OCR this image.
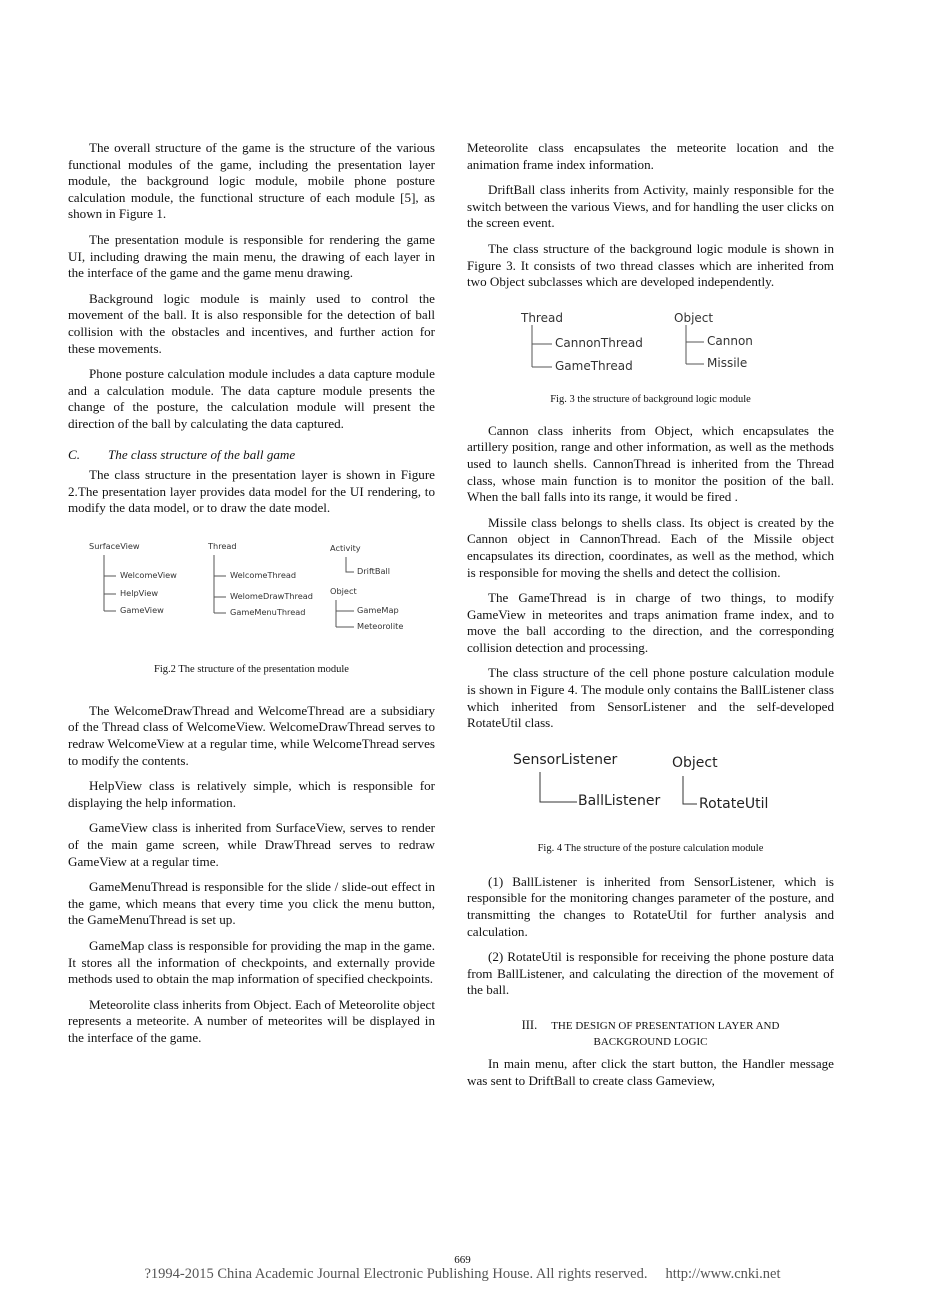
The overall structure of the game is the structure of the various functional modules of the game, including the presentation layer module, the background logic module, mobile phone posture calculation module, the functional structure of each module [5], as shown in Figure 1.

The presentation module is responsible for rendering the game UI, including drawing the main menu, the drawing of each layer in the interface of the game and the game menu drawing.

Background logic module is mainly used to control the movement of the ball. It is also responsible for the detection of ball collision with the obstacles and incentives, and further action for these movements.

Phone posture calculation module includes a data capture module and a calculation module. The data capture module presents the change of the posture, the calculation module will present the direction of the ball by calculating the data captured.

C.	The class structure of the ball game

The class structure in the presentation layer is shown in Figure 2.The presentation layer provides data model for the UI rendering, to modify the data model, or to draw the date model.

SurfaceView
WelcomeView
HelpView
GameView
Thread
WelcomeThread
WelomeDrawThread
GameMenuThread
Activity
DriftBall
Object
GameMap
Meteorolite
Fig.2 The structure of the presentation module

The WelcomeDrawThread and WelcomeThread are a subsidiary of the Thread class of WelcomeView. WelcomeDrawThread serves to redraw WelcomeView at a regular time, while WelcomeThread serves to modify the contents.

HelpView class is relatively simple, which is responsible for displaying the help information.

GameView class is inherited from SurfaceView, serves to render of the main game screen, while DrawThread serves to redraw GameView at a regular time.

GameMenuThread is responsible for the slide / slide-out effect in the game, which means that every time you click the menu button, the GameMenuThread is set up.

GameMap class is responsible for providing the map in the game. It stores all the information of checkpoints, and externally provide methods used to obtain the map information of specified checkpoints.

Meteorolite class inherits from Object. Each of Meteorolite object represents a meteorite. A number of meteorites will be displayed in the interface of the game.

Meteorolite class encapsulates the meteorite location and the animation frame index information.

DriftBall class inherits from Activity, mainly responsible for the switch between the various Views, and for handling the user clicks on the screen event.

The class structure of the background logic module is shown in Figure 3. It consists of two thread classes which are inherited from two Object subclasses which are developed independently.

Thread
CannonThread
GameThread
Object
Cannon
Missile
Fig. 3 the structure of background logic module

Cannon class inherits from Object, which encapsulates the artillery position, range and other information, as well as the methods used to launch shells. CannonThread is inherited from the Thread class, whose main function is to monitor the position of the ball. When the ball falls into its range, it would be fired .

Missile class belongs to shells class. Its object is created by the Cannon object in CannonThread. Each of the Missile object encapsulates its direction, coordinates, as well as the method, which is responsible for moving the shells and detect the collision.

The GameThread is in charge of two things, to modify GameView in meteorites and traps animation frame index, and to move the ball according to the direction, and the corresponding collision detection and processing.

The class structure of the cell phone posture calculation module is shown in Figure 4. The module only contains the BallListener class which inherited from SensorListener and the self-developed RotateUtil class.

SensorListener
BallListener
Object
RotateUtil
Fig. 4 The structure of the posture calculation module

(1) BallListener is inherited from SensorListener, which is responsible for the monitoring changes parameter of the posture, and transmitting the changes to RotateUtil for further analysis and calculation.

(2) RotateUtil is responsible for receiving the phone posture data from BallListener, and calculating the direction of the movement of the ball.

III. THE DESIGN OF PRESENTATION LAYER AND
BACKGROUND LOGIC

In main menu, after click the start button, the Handler message was sent to DriftBall to create class Gameview,

669
?1994-2015 China Academic Journal Electronic Publishing House. All rights reserved. http://www.cnki.net
